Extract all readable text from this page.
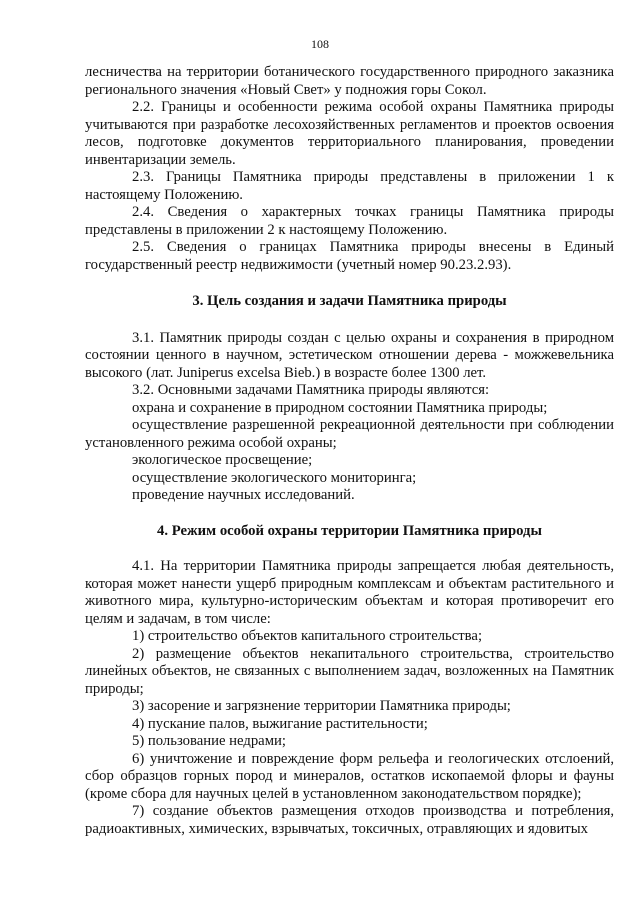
108

лесничества на территории ботанического государственного природного заказника регионального значения «Новый Свет» у подножия горы Сокол.

2.2. Границы и особенности режима особой охраны Памятника природы учитываются при разработке лесохозяйственных регламентов и проектов освоения лесов, подготовке документов территориального планирования, проведении инвентаризации земель.

2.3. Границы Памятника природы представлены в приложении 1 к настоящему Положению.

2.4. Сведения о характерных точках границы Памятника природы представлены в приложении 2 к настоящему Положению.

2.5. Сведения о границах Памятника природы внесены в Единый государственный реестр недвижимости (учетный номер 90.23.2.93).

3. Цель создания и задачи Памятника природы

3.1. Памятник природы создан с целью охраны и сохранения в природном состоянии ценного в научном, эстетическом отношении дерева - можжевельника высокого (лат. Juniperus excelsa Bieb.) в возрасте более 1300 лет.

3.2. Основными задачами Памятника природы являются:

охрана и сохранение в природном состоянии Памятника природы;

осуществление разрешенной рекреационной деятельности при соблюдении установленного режима особой охраны;

экологическое просвещение;

осуществление экологического мониторинга;

проведение научных исследований.

4. Режим особой охраны территории Памятника природы

4.1. На территории Памятника природы запрещается любая деятельность, которая может нанести ущерб природным комплексам и объектам растительного и животного мира, культурно-историческим объектам и которая противоречит его целям и задачам, в том числе:

1) строительство объектов капитального строительства;

2) размещение объектов некапитального строительства, строительство линейных объектов, не связанных с выполнением задач, возложенных на Памятник природы;

3) засорение и загрязнение территории Памятника природы;

4) пускание палов, выжигание растительности;

5) пользование недрами;

6) уничтожение и повреждение форм рельефа и геологических отслоений, сбор образцов горных пород и минералов, остатков ископаемой флоры и фауны (кроме сбора для научных целей в установленном законодательством порядке);

7) создание объектов размещения отходов производства и потребления, радиоактивных, химических, взрывчатых, токсичных, отравляющих и ядовитых
